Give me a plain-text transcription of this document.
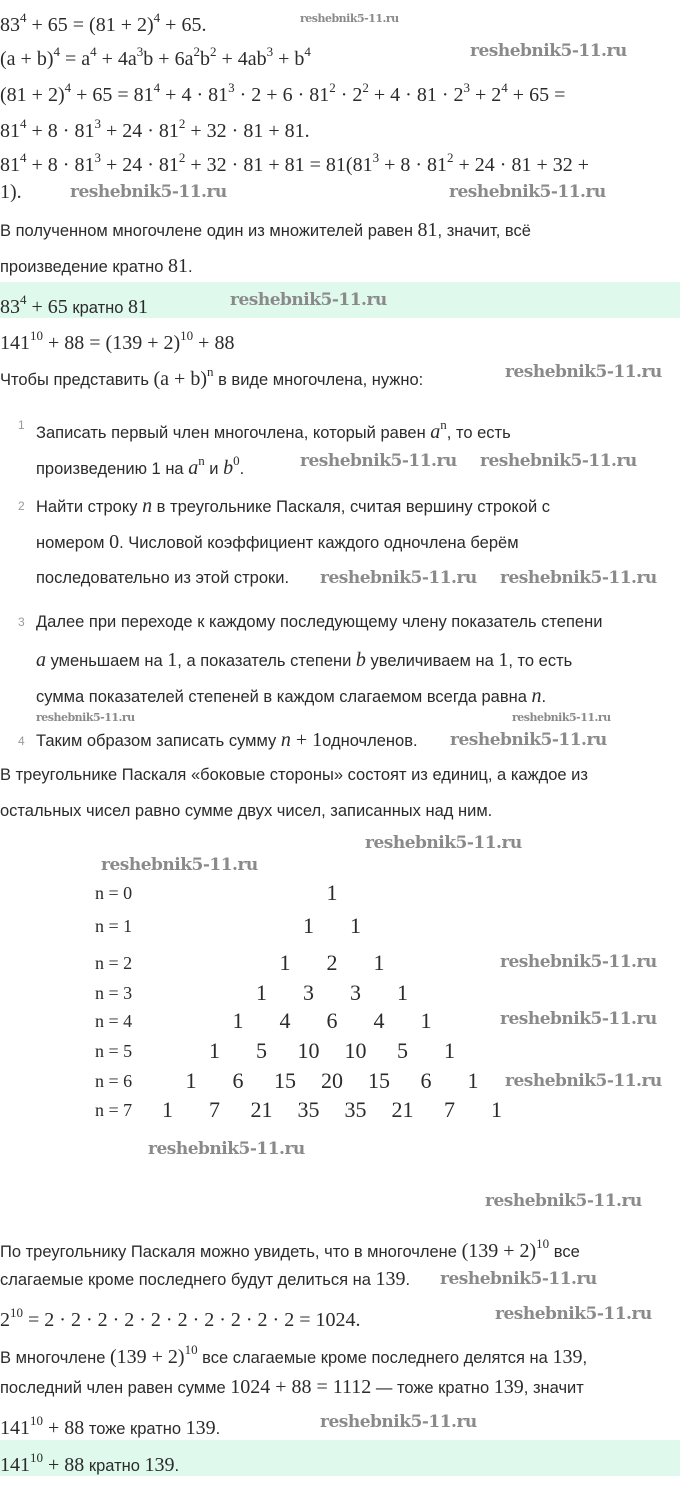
$83^4 + 65 = (81 + 2)^4 + 65$.
$(a + b)^4 = a^4 + 4a^3b + 6a^2b^2 + 4ab^3 + b^4$
$(81 + 2)^4 + 65 = 81^4 + 4 \cdot 81^3 \cdot 2 + 6 \cdot 81^2 \cdot 2^2 + 4 \cdot 81 \cdot 2^3 + 2^4 + 65$ =
$81^4 + 8 \cdot 81^3 + 24 \cdot 81^2 + 32 \cdot 81 + 81$.
$81^4 + 8 \cdot 81^3 + 24 \cdot 81^2 + 32 \cdot 81 + 81 = 81(81^3 + 8 \cdot 81^2 + 24 \cdot 81 + 32$ +
1).
В полученном многочлене один из множителей равен 81, значит, всё
произведение кратно 81.
$83^4 + 65$ кратно 81
$141^{10} + 88 = (139 + 2)^{10} + 88$
Чтобы представить $(a + b)^n$ в виде многочлена, нужно:
Записать первый член многочлена, который равен $a^n$, то есть
произведению 1 на $a^n$ и $b^0$.
Найти строку n в треугольнике Паскаля, считая вершину строкой с
номером 0. Числовой коэффициент каждого одночлена берём
последовательно из этой строки.
Далее при переходе к каждому последующему члену показатель степени
a уменьшаем на 1, а показатель степени b увеличиваем на 1, то есть
сумма показателей степеней в каждом слагаемом всегда равна n.
Таким образом записать сумму n + 1одночленов.
В треугольнике Паскаля «боковые стороны» состоят из единиц, а каждое из
остальных чисел равно сумме двух чисел, записанных над ним.
По треугольнику Паскаля можно увидеть, что в многочлене $(139 + 2)^{10}$ все
слагаемые кроме последнего будут делиться на 139.
$2^{10} = 2 \cdot 2 \cdot 2 \cdot 2 \cdot 2 \cdot 2 \cdot 2 \cdot 2 \cdot 2 \cdot 2 = 1024$.
В многочлене $(139 + 2)^{10}$ все слагаемые кроме последнего делятся на 139,
последний член равен сумме 1024 + 88 = 1112 — тоже кратно 139, значит
$141^{10} + 88$ тоже кратно 139.
$141^{10} + 88$ кратно 139.
1
2
3
4
n = 0	1
n = 1	1 1
n = 2	1 2 1
n = 3	1 3 3 1
n = 4	1 4 6 4 1
n = 5	1 5 10 10 5 1
n = 6 1 6 15 20 15 6 1
n = 7 1 7 21 35 35 21 7 1
reshebnik5-11.ru
reshebnik5-11.ru
reshebnik5-11.ru	reshebnik5-11.ru
reshebnik5-11.ru
reshebnik5-11.ru
reshebnik5-11.ru reshebnik5-11.ru
reshebnik5-11.ru reshebnik5-11.ru
reshebnik5-11.ru
reshebnik5-11.ru
reshebnik5-11.ru
reshebnik5-11.ru
reshebnik5-11.ru
reshebnik5-11.ru
reshebnik5-11.ru
reshebnik5-11.ru
reshebnik5-11.ru
reshebnik5-11.ru
reshebnik5-11.ru
reshebnik5-11.ru
reshebnik5-11.ru
